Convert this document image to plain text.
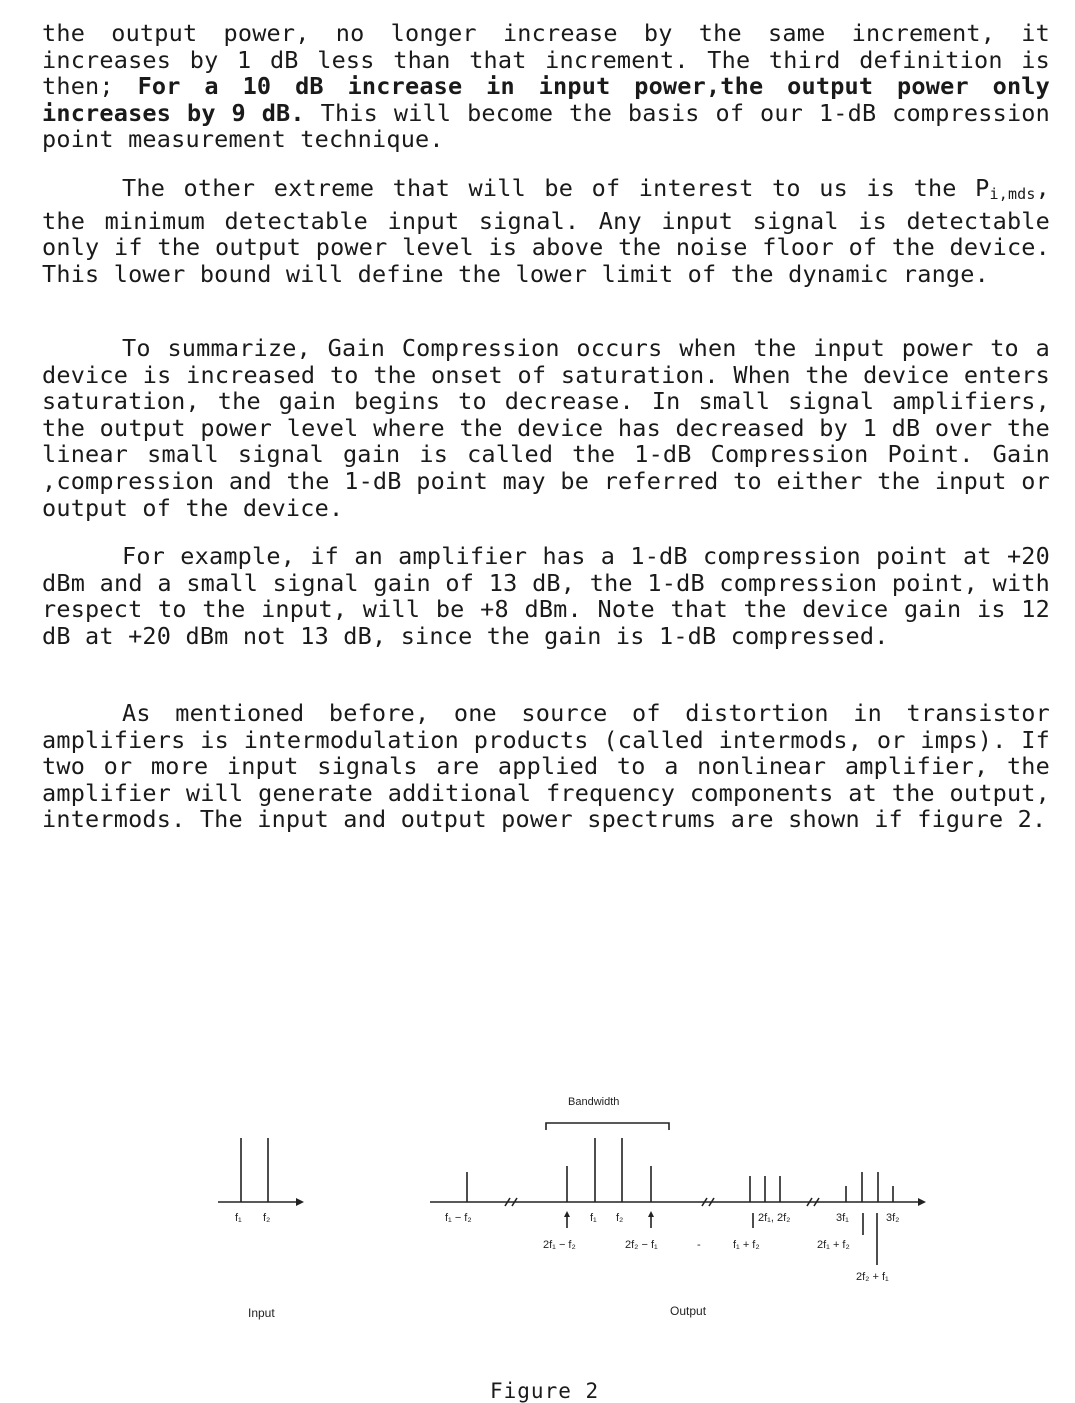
the output power, no longer increase by the same increment, it increases by 1 dB less than that increment. The third definition is then; For a 10 dB increase in input power,the output power only increases by 9 dB. This will become the basis of our 1-dB compression point measurement technique.

The other extreme that will be of interest to us is the $P_{i,mds}$, the minimum detectable input signal. Any input signal is detectable only if the output power level is above the noise floor of the device. This lower bound will define the lower limit of the dynamic range.

To summarize, Gain Compression occurs when the input power to a device is increased to the onset of saturation. When the device enters saturation, the gain begins to decrease. In small signal amplifiers, the output power level where the device has decreased by 1 dB over the linear small signal gain is called the 1-dB Compression Point. Gain ,compression and the 1-dB point may be referred to either the input or output of the device.

For example, if an amplifier has a 1-dB compression point at +20 dBm and a small signal gain of 13 dB, the 1-dB compression point, with respect to the input, will be +8 dBm. Note that the device gain is 12 dB at +20 dBm not 13 dB, since the gain is 1-dB compressed.

As mentioned before, one source of distortion in transistor amplifiers is intermodulation products (called intermods, or imps). If two or more input signals are applied to a nonlinear amplifier, the amplifier will generate additional frequency components at the output, intermods. The input and output power spectrums are shown if figure 2.

Bandwidth
f₁ f₂	f₁ − f₂	f₁ f₂
2f₁ − f₂	2f₂ − f₁	-	f₁ + f₂
2f₁, 2f₂	3f₁	3f₂
2f₁ + f₂
2f₂ + f₁
Input	Output
Figure 2
